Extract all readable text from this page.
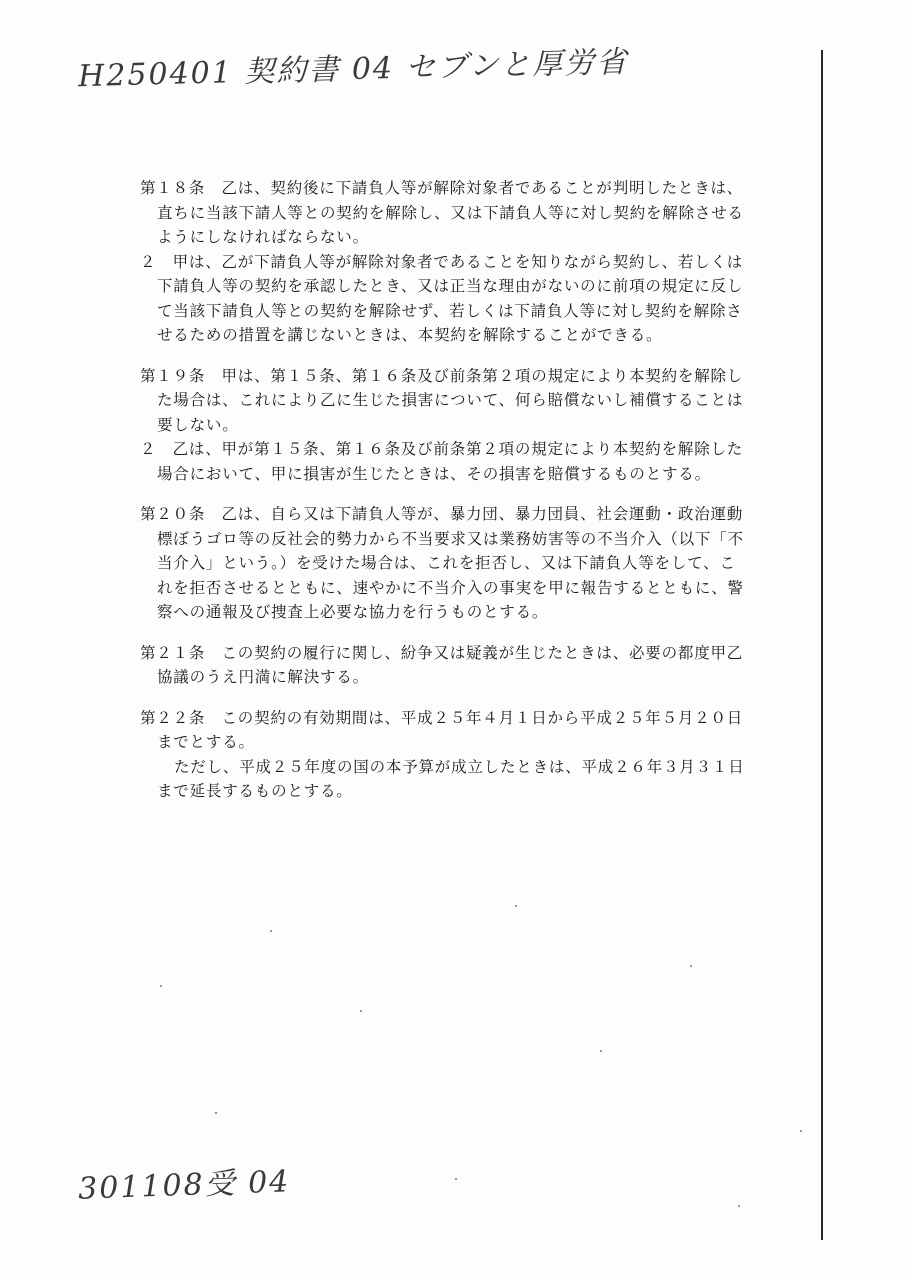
H250401 契約書 04 セブンと厚労省
第１８条　乙は、契約後に下請負人等が解除対象者であることが判明したときは、
直ちに当該下請人等との契約を解除し、又は下請負人等に対し契約を解除させる
ようにしなければならない。
２　甲は、乙が下請負人等が解除対象者であることを知りながら契約し、若しくは
下請負人等の契約を承認したとき、又は正当な理由がないのに前項の規定に反し
て当該下請負人等との契約を解除せず、若しくは下請負人等に対し契約を解除さ
せるための措置を講じないときは、本契約を解除することができる。
第１９条　甲は、第１５条、第１６条及び前条第２項の規定により本契約を解除し
た場合は、これにより乙に生じた損害について、何ら賠償ないし補償することは
要しない。
２　乙は、甲が第１５条、第１６条及び前条第２項の規定により本契約を解除した
場合において、甲に損害が生じたときは、その損害を賠償するものとする。
第２０条　乙は、自ら又は下請負人等が、暴力団、暴力団員、社会運動・政治運動
標ぼうゴロ等の反社会的勢力から不当要求又は業務妨害等の不当介入（以下「不
当介入」という。）を受けた場合は、これを拒否し、又は下請負人等をして、こ
れを拒否させるとともに、速やかに不当介入の事実を甲に報告するとともに、警
察への通報及び捜査上必要な協力を行うものとする。
第２１条　この契約の履行に関し、紛争又は疑義が生じたときは、必要の都度甲乙
協議のうえ円満に解決する。
第２２条　この契約の有効期間は、平成２５年４月１日から平成２５年５月２０日
までとする。
ただし、平成２５年度の国の本予算が成立したときは、平成２６年３月３１日
まで延長するものとする。
301108受 04
